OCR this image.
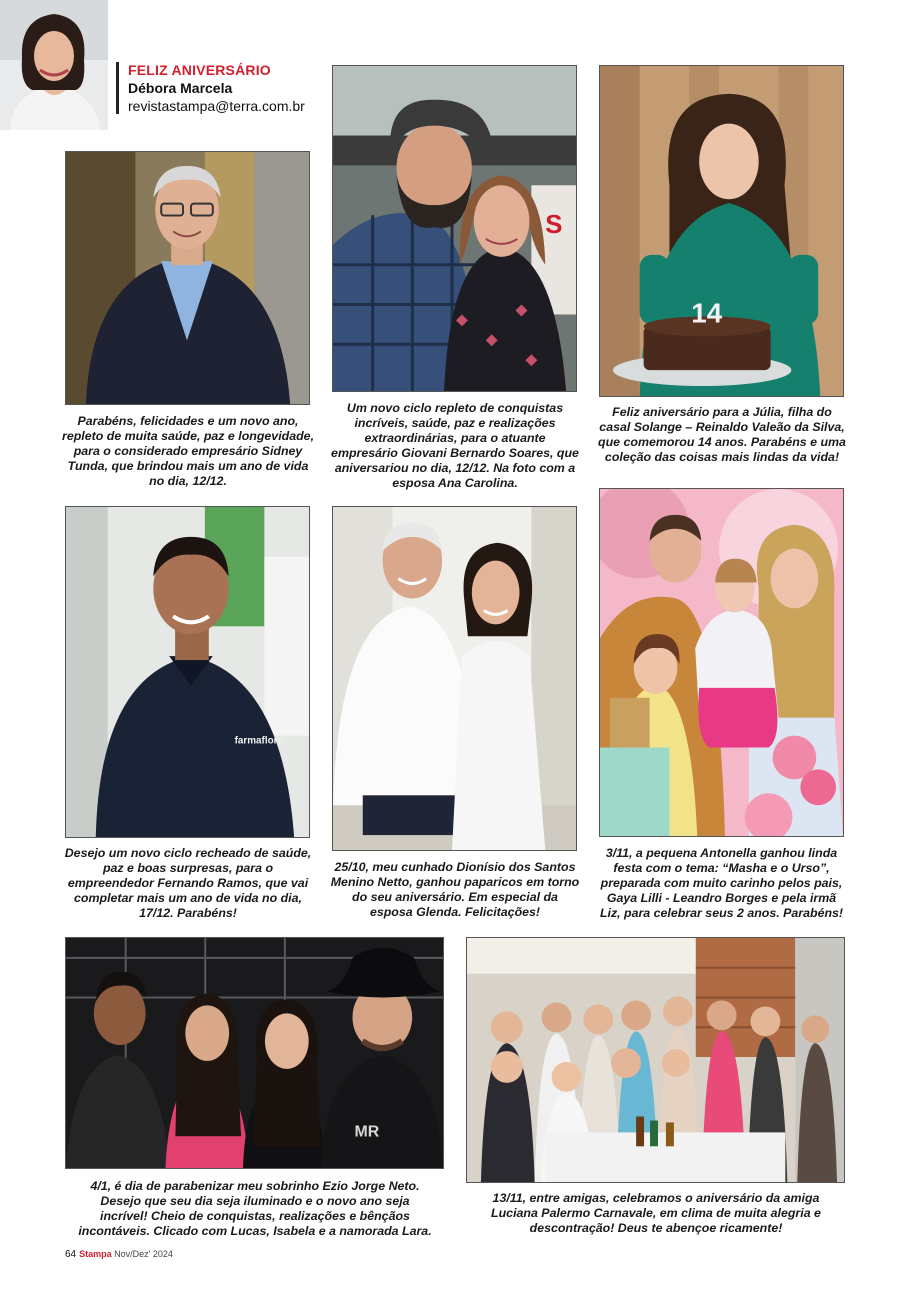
FELIZ ANIVERSÁRIO
Débora Marcela
revistastampa@terra.com.br
Parabéns, felicidades e um novo ano, repleto de muita saúde, paz e longevidade, para o considerado empresário Sidney Tunda, que brindou mais um ano de vida no dia, 12/12.
S
Um novo ciclo repleto de conquistas incríveis, saúde, paz e realizações extraordinárias, para o atuante empresário Giovani Bernardo Soares, que aniversariou no dia, 12/12. Na foto com a esposa Ana Carolina.
14
Feliz aniversário para a Júlia, filha do casal Solange – Reinaldo Valeão da Silva, que comemorou 14 anos. Parabéns e uma coleção das coisas mais lindas da vida!
farmafloro
Desejo um novo ciclo recheado de saúde, paz e boas surpresas, para o empreendedor Fernando Ramos, que vai completar mais um ano de vida no dia, 17/12. Parabéns!
25/10, meu cunhado Dionísio dos Santos Menino Netto, ganhou paparicos em torno do seu aniversário. Em especial da esposa Glenda. Felicitações!
3/11, a pequena Antonella ganhou linda festa com o tema: “Masha e o Urso”, preparada com muito carinho pelos pais, Gaya Lilli - Leandro Borges e pela irmã Liz, para celebrar seus 2 anos. Parabéns!
MR
4/1, é dia de parabenizar meu sobrinho Ezio Jorge Neto. Desejo que seu dia seja iluminado e o novo ano seja incrível! Cheio de conquistas, realizações e bênçãos incontáveis. Clicado com Lucas, Isabela e a namorada Lara.
13/11, entre amigas, celebramos o aniversário da amiga Luciana Palermo Carnavale, em clima de muita alegria e descontração! Deus te abençoe ricamente!
64 Stampa Nov/Dez' 2024
